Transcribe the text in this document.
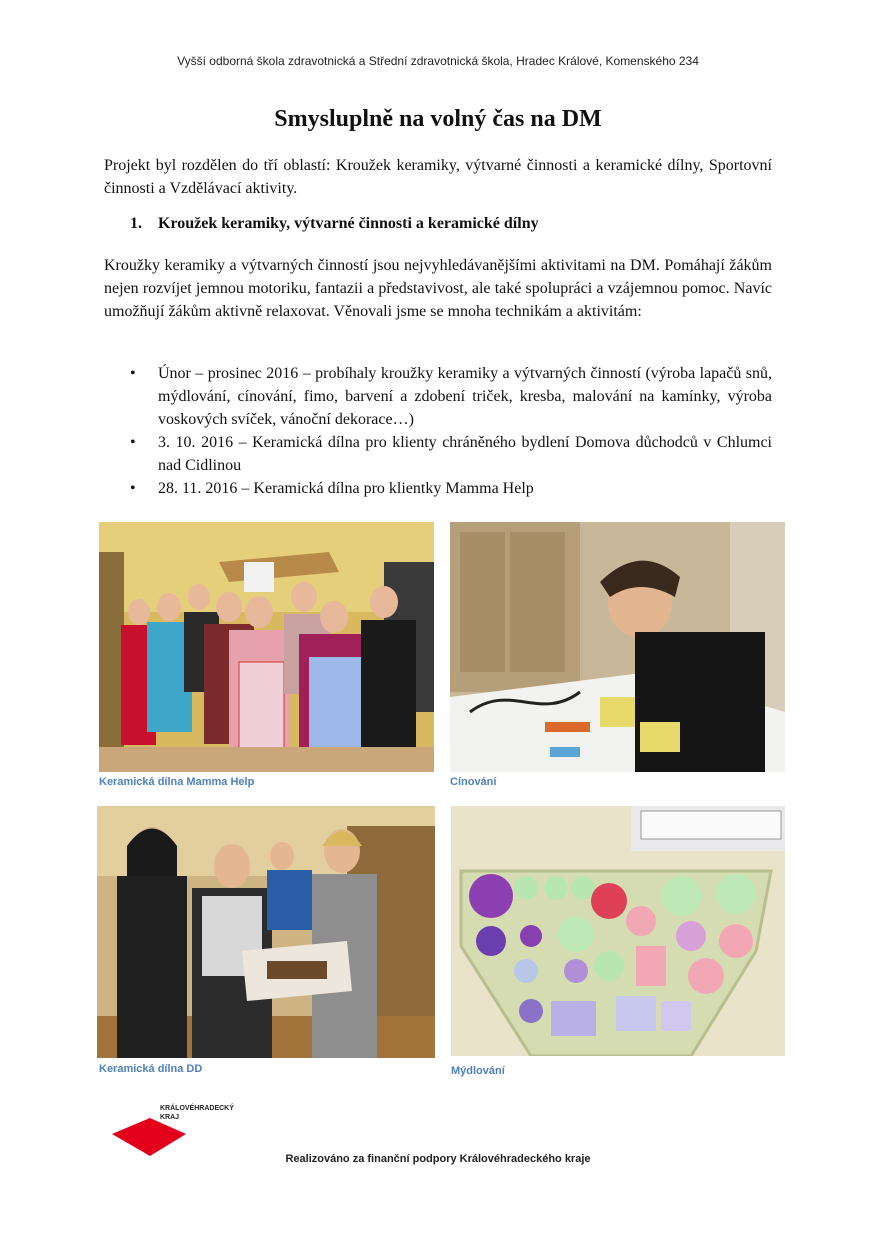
Vyšší odborná škola zdravotnická a Střední zdravotnická škola, Hradec Králové, Komenského 234
Smysluplně na volný čas na DM
Projekt byl rozdělen do tří oblastí: Kroužek keramiky, výtvarné činnosti a keramické dílny, Sportovní činnosti a Vzdělávací aktivity.
1. Kroužek keramiky, výtvarné činnosti a keramické dílny
Kroužky keramiky a výtvarných činností jsou nejvyhledávanějšími aktivitami na DM. Pomáhají žákům nejen rozvíjet jemnou motoriku, fantazii a představivost, ale také spolupráci a vzájemnou pomoc. Navíc umožňují žákům aktivně relaxovat. Věnovali jsme se mnoha technikám a aktivitám:
• Únor – prosinec 2016 – probíhaly kroužky keramiky a výtvarných činností (výroba lapačů snů, mýdlování, cínování, fimo, barvení a zdobení triček, kresba, malování na kamínky, výroba voskových svíček, vánoční dekorace…)
• 3. 10. 2016 – Keramická dílna pro klienty chráněného bydlení Domova důchodců v Chlumci nad Cidlinou
• 28. 11. 2016 – Keramická dílna pro klientky Mamma Help
Keramická dílna Mamma Help	Cínování
Keramická dílna DD	Mýdlování
KRÁLOVÉHRADECKÝ
KRAJ
Realizováno za finanční podpory Královéhradeckého kraje
